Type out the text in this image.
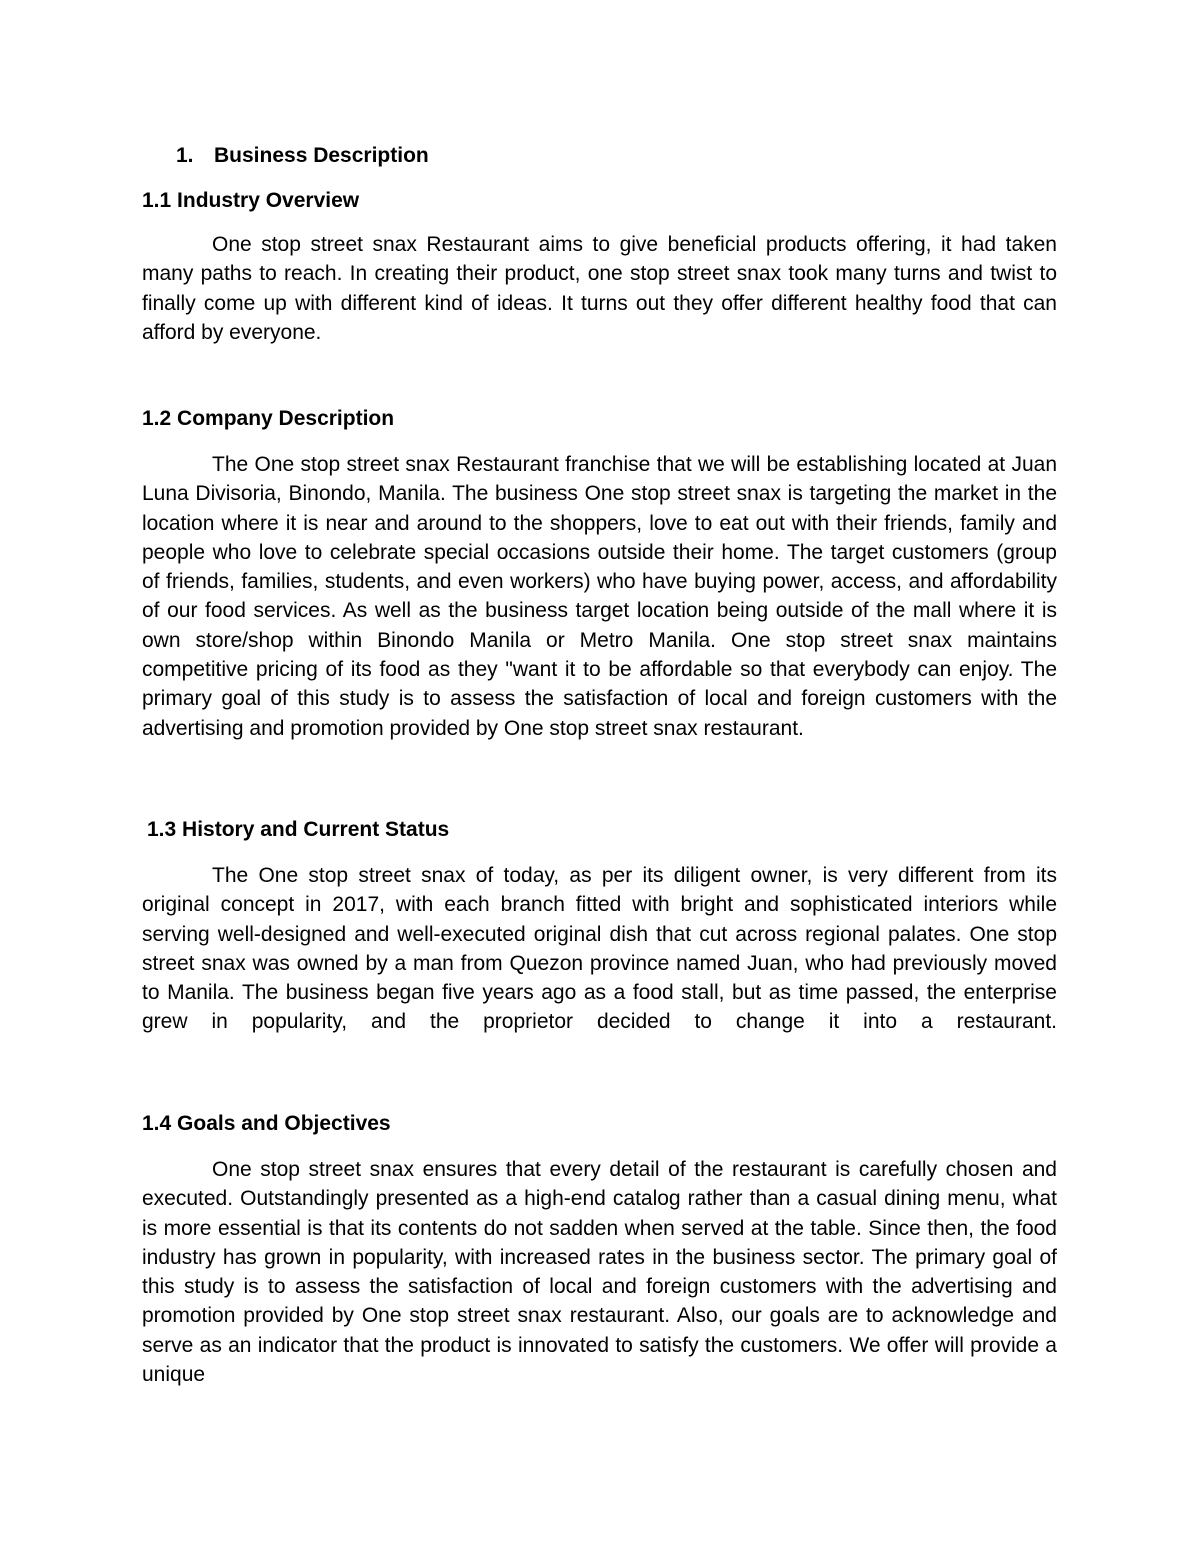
1. Business Description
1.1 Industry Overview

One stop street snax Restaurant aims to give beneficial products offering, it had taken many paths to reach. In creating their product, one stop street snax took many turns and twist to finally come up with different kind of ideas. It turns out they offer different healthy food that can afford by everyone.

1.2 Company Description

The One stop street snax Restaurant franchise that we will be establishing located at Juan Luna Divisoria, Binondo, Manila. The business One stop street snax is targeting the market in the location where it is near and around to the shoppers, love to eat out with their friends, family and people who love to celebrate special occasions outside their home. The target customers (group of friends, families, students, and even workers) who have buying power, access, and affordability of our food services. As well as the business target location being outside of the mall where it is own store/shop within Binondo Manila or Metro Manila. One stop street snax maintains competitive pricing of its food as they "want it to be affordable so that everybody can enjoy. The primary goal of this study is to assess the satisfaction of local and foreign customers with the advertising and promotion provided by One stop street snax restaurant.

1.3 History and Current Status

The One stop street snax of today, as per its diligent owner, is very different from its original concept in 2017, with each branch fitted with bright and sophisticated interiors while serving well-designed and well-executed original dish that cut across regional palates. One stop street snax was owned by a man from Quezon province named Juan, who had previously moved to Manila. The business began five years ago as a food stall, but as time passed, the enterprise grew in popularity, and the proprietor decided to change it into a restaurant.

1.4 Goals and Objectives

One stop street snax ensures that every detail of the restaurant is carefully chosen and executed. Outstandingly presented as a high-end catalog rather than a casual dining menu, what is more essential is that its contents do not sadden when served at the table. Since then, the food industry has grown in popularity, with increased rates in the business sector. The primary goal of this study is to assess the satisfaction of local and foreign customers with the advertising and promotion provided by One stop street snax restaurant. Also, our goals are to acknowledge and serve as an indicator that the product is innovated to satisfy the customers. We offer will provide a unique
